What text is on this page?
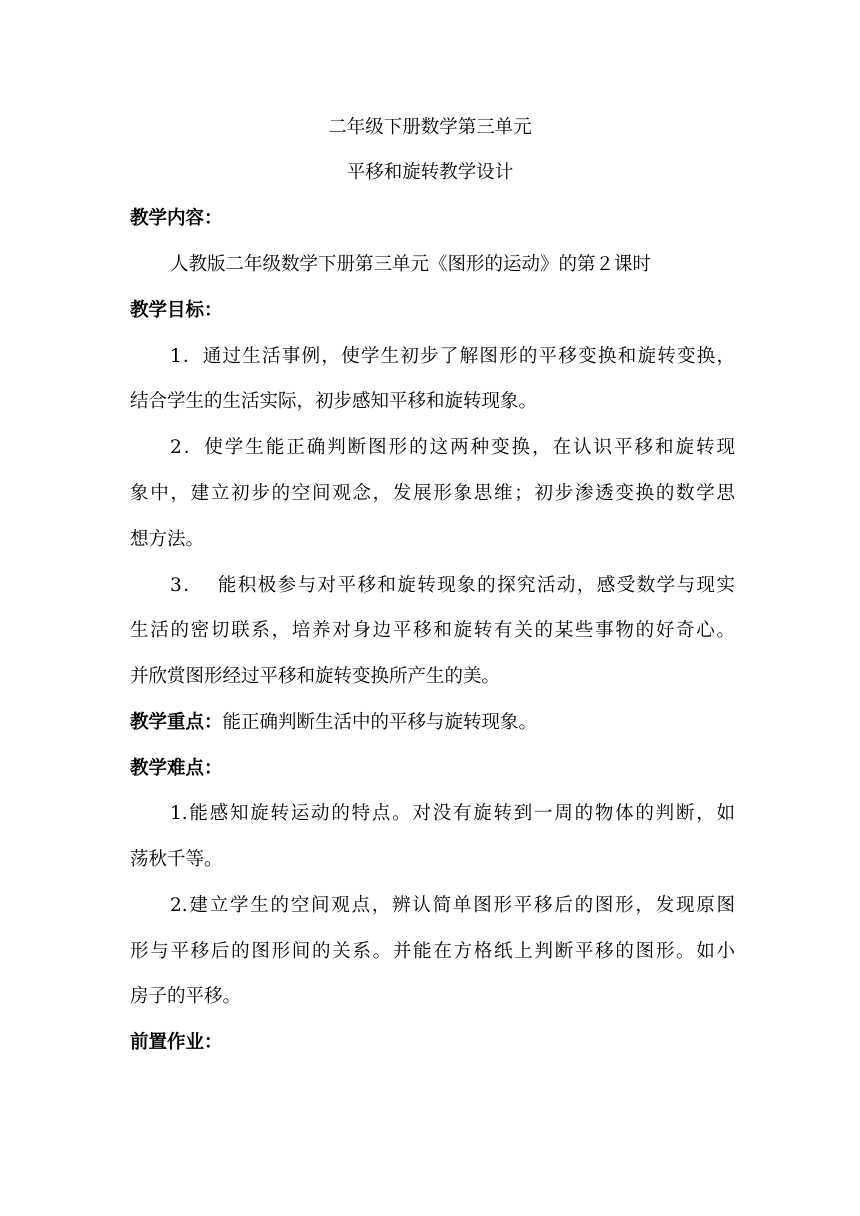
二年级下册数学第三单元
平移和旋转教学设计
教学内容：
人教版二年级数学下册第三单元《图形的运动》的第２课时
教学目标：
1．通过生活事例，使学生初步了解图形的平移变换和旋转变换，
结合学生的生活实际，初步感知平移和旋转现象。
2．使学生能正确判断图形的这两种变换，在认识平移和旋转现
象中，建立初步的空间观念，发展形象思维；初步渗透变换的数学思
想方法。
3．  能积极参与对平移和旋转现象的探究活动，感受数学与现实
生活的密切联系，培养对身边平移和旋转有关的某些事物的好奇心。
并欣赏图形经过平移和旋转变换所产生的美。
教学重点：能正确判断生活中的平移与旋转现象。
教学难点：
1.能感知旋转运动的特点。对没有旋转到一周的物体的判断，如
荡秋千等。
2.建立学生的空间观点，辨认简单图形平移后的图形，发现原图
形与平移后的图形间的关系。并能在方格纸上判断平移的图形。如小
房子的平移。
前置作业：
